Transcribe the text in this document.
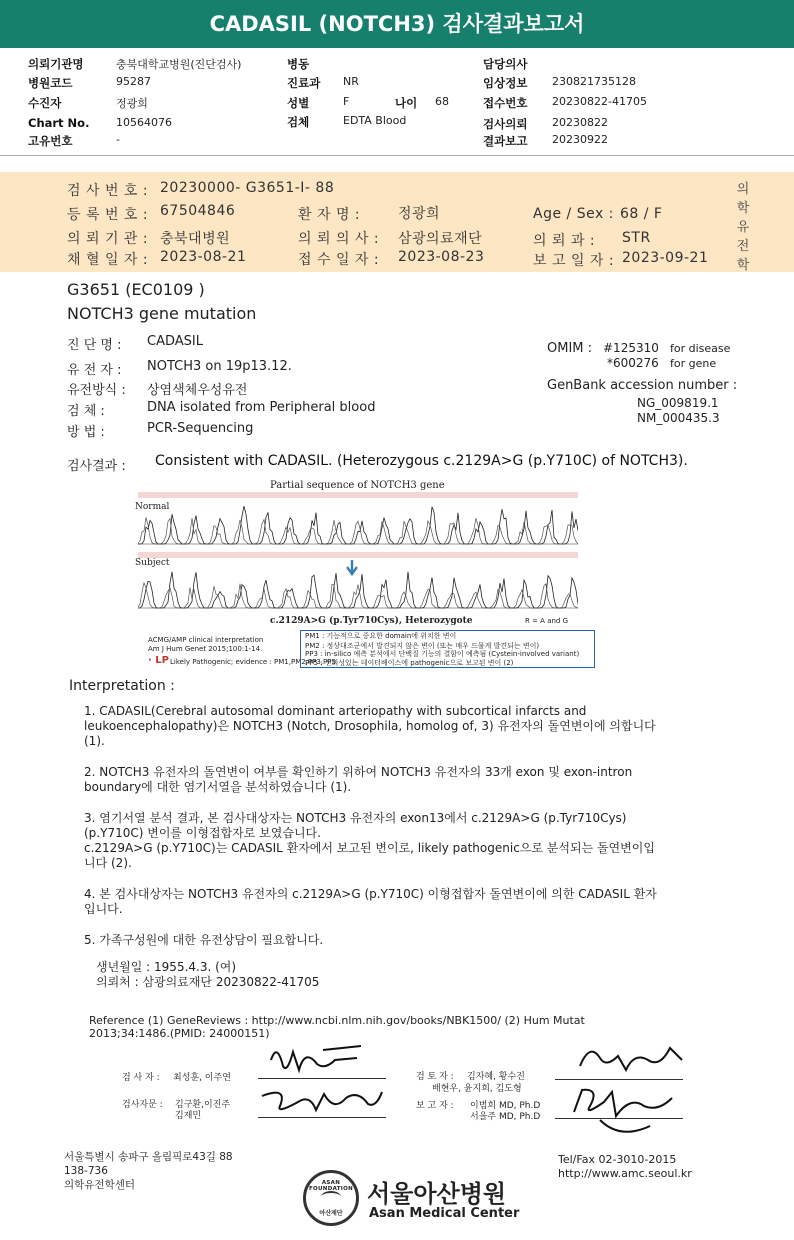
CADASIL (NOTCH3) 검사결과보고서
의뢰기관명	충북대학교병원(진단검사)
병원코드	95287
수진자	정광희
Chart No. 10564076
고유번호	-
병동
진료과 NR
성별	F	나이 68
검체	EDTA Blood
담당의사
임상정보 230821735128
접수번호 20230822-41705
검사의뢰 20230822
결과보고 20230922
검 사 번 호 : 20230000- G3651-I- 88
등 록 번 호 : 67504846	환 자 명 :	정광희	Age / Sex : 68 / F
의 뢰 기 관 : 충북대병원	의 뢰 의 사 : 삼광의료재단	의 뢰 과 : STR
채 혈 일 자 : 2023-08-21	접 수 일 자 : 2023-08-23	보 고 일 자 : 2023-09-21
의
학
유
전
학
G3651 (EC0109 )
NOTCH3 gene mutation
진 단 명 : CADASIL
유 전 자 : NOTCH3 on 19p13.12.
유전방식 : 상염색체우성유전
검 체 :	DNA isolated from Peripheral blood
방 법 :	PCR-Sequencing
OMIM : #125310 for disease
*600276 for gene
GenBank accession number :
NG_009819.1
NM_000435.3
검사결과 : Consistent with CADASIL. (Heterozygous c.2129A>G (p.Y710C) of NOTCH3).
Partial sequence of NOTCH3 gene
Normal
Subject
c.2129A>G (p.Tyr710Cys), Heterozygote	R = A and G
ACMG/AMP clinical interpretation
Am J Hum Genet 2015;100:1-14.
· LP Likely Pathogenic; evidence : PM1,PM2,PP3,PP5
PM1 : 기능적으로 중요한 domain에 위치한 변이
PM2 : 정상대조군에서 발견되지 않은 변이 (또는 매우 드물게 발견되는 변이)
PP3 : in-silico 예측 분석에서 단백질 기능의 결함이 예측됨 (Cystein-involved variant)
PP5 : 신뢰성있는 데이터베이스에 pathogenic으로 보고된 변이 (2)
Interpretation :

1. CADASIL(Cerebral autosomal dominant arteriopathy with subcortical infarcts and

leukoencephalopathy)은 NOTCH3 (Notch, Drosophila, homolog of, 3) 유전자의 돌연변이에 의합니다

(1).

2. NOTCH3 유전자의 돌연변이 여부를 확인하기 위하여 NOTCH3 유전자의 33개 exon 및 exon-intron

boundary에 대한 염기서열을 분석하였습니다 (1).

3. 염기서열 분석 결과, 본 검사대상자는 NOTCH3 유전자의 exon13에서 c.2129A>G (p.Tyr710Cys)

(p.Y710C) 변이를 이형접합자로 보였습니다.

c.2129A>G (p.Y710C)는 CADASIL 환자에서 보고된 변이로, likely pathogenic으로 분석되는 돌연변이입

니다 (2).

4. 본 검사대상자는 NOTCH3 유전자의 c.2129A>G (p.Y710C) 이형접합자 돌연변이에 의한 CADASIL 환자

입니다.

5. 가족구성원에 대한 유전상담이 필요합니다.

생년월일 : 1955.4.3. (여)

의뢰처 : 삼광의료재단 20230822-41705

Reference (1) GeneReviews : http://www.ncbi.nlm.nih.gov/books/NBK1500/ (2) Hum Mutat
2013;34:1486.(PMID: 24000151)
검 사 자 : 최성훈, 이주연
검사자문 : 김구환,이진주
김재민
검 토 자 : 김자혜, 황수진
배현우, 윤지희, 김도형
보 고 자 : 이범희 MD, Ph.D
서을주 MD, Ph.D
서울특별시 송파구 올림픽로43길 88
138-736
의학유전학센터
Tel/Fax 02-3010-2015
http://www.amc.seoul.kr
ASAN FOUNDATION
아산재단
서울아산병원
Asan Medical Center
